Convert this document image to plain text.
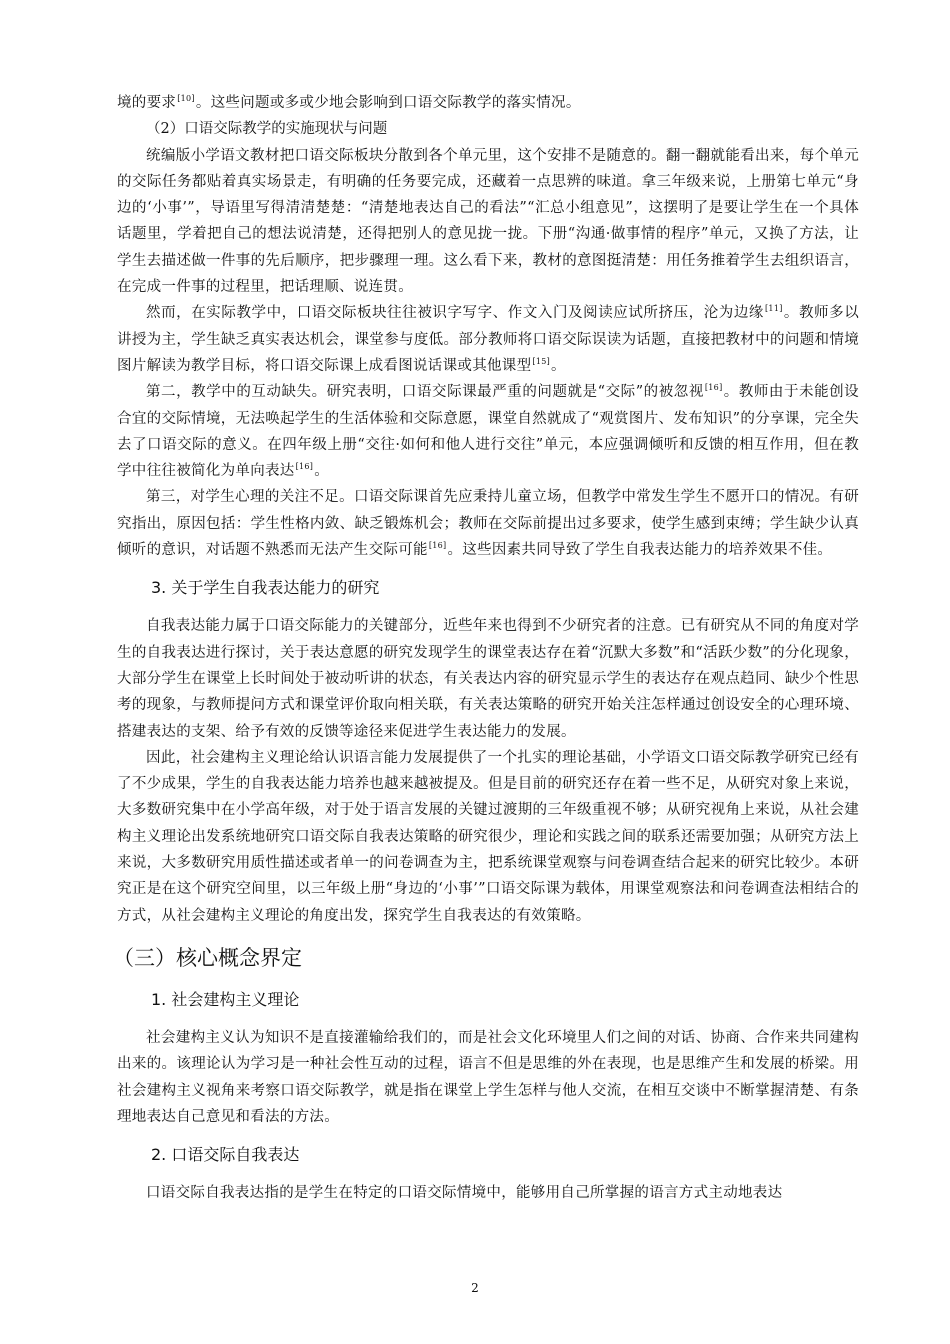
境的要求[10]。这些问题或多或少地会影响到口语交际教学的落实情况。

（2）口语交际教学的实施现状与问题

统编版小学语文教材把口语交际板块分散到各个单元里，这个安排不是随意的。翻一翻就能看出来，每个单元的交际任务都贴着真实场景走，有明确的任务要完成，还藏着一点思辨的味道。拿三年级来说，上册第七单元“身边的‘小事’”，导语里写得清清楚楚：“清楚地表达自己的看法”“汇总小组意见”，这摆明了是要让学生在一个具体话题里，学着把自己的想法说清楚，还得把别人的意见拢一拢。下册“沟通·做事情的程序”单元，又换了方法，让学生去描述做一件事的先后顺序，把步骤理一理。这么看下来，教材的意图挺清楚：用任务推着学生去组织语言，在完成一件事的过程里，把话理顺、说连贯。

然而，在实际教学中，口语交际板块往往被识字写字、作文入门及阅读应试所挤压，沦为边缘[11]。教师多以讲授为主，学生缺乏真实表达机会，课堂参与度低。部分教师将口语交际误读为话题，直接把教材中的问题和情境图片解读为教学目标，将口语交际课上成看图说话课或其他课型[15]。

第二，教学中的互动缺失。研究表明，口语交际课最严重的问题就是“交际”的被忽视[16]。教师由于未能创设合宜的交际情境，无法唤起学生的生活体验和交际意愿，课堂自然就成了“观赏图片、发布知识”的分享课，完全失去了口语交际的意义。在四年级上册“交往·如何和他人进行交往”单元，本应强调倾听和反馈的相互作用，但在教学中往往被简化为单向表达[16]。

第三，对学生心理的关注不足。口语交际课首先应秉持儿童立场，但教学中常发生学生不愿开口的情况。有研究指出，原因包括：学生性格内敛、缺乏锻炼机会；教师在交际前提出过多要求，使学生感到束缚；学生缺少认真倾听的意识，对话题不熟悉而无法产生交际可能[16]。这些因素共同导致了学生自我表达能力的培养效果不佳。

3. 关于学生自我表达能力的研究

自我表达能力属于口语交际能力的关键部分，近些年来也得到不少研究者的注意。已有研究从不同的角度对学生的自我表达进行探讨，关于表达意愿的研究发现学生的课堂表达存在着“沉默大多数”和“活跃少数”的分化现象，大部分学生在课堂上长时间处于被动听讲的状态，有关表达内容的研究显示学生的表达存在观点趋同、缺少个性思考的现象，与教师提问方式和课堂评价取向相关联，有关表达策略的研究开始关注怎样通过创设安全的心理环境、搭建表达的支架、给予有效的反馈等途径来促进学生表达能力的发展。

因此，社会建构主义理论给认识语言能力发展提供了一个扎实的理论基础，小学语文口语交际教学研究已经有了不少成果，学生的自我表达能力培养也越来越被提及。但是目前的研究还存在着一些不足，从研究对象上来说，大多数研究集中在小学高年级，对于处于语言发展的关键过渡期的三年级重视不够；从研究视角上来说，从社会建构主义理论出发系统地研究口语交际自我表达策略的研究很少，理论和实践之间的联系还需要加强；从研究方法上来说，大多数研究用质性描述或者单一的问卷调查为主，把系统课堂观察与问卷调查结合起来的研究比较少。本研究正是在这个研究空间里，以三年级上册“身边的‘小事’”口语交际课为载体，用课堂观察法和问卷调查法相结合的方式，从社会建构主义理论的角度出发，探究学生自我表达的有效策略。

（三）核心概念界定
1. 社会建构主义理论

社会建构主义认为知识不是直接灌输给我们的，而是社会文化环境里人们之间的对话、协商、合作来共同建构出来的。该理论认为学习是一种社会性互动的过程，语言不但是思维的外在表现，也是思维产生和发展的桥梁。用社会建构主义视角来考察口语交际教学，就是指在课堂上学生怎样与他人交流，在相互交谈中不断掌握清楚、有条理地表达自己意见和看法的方法。

2. 口语交际自我表达

口语交际自我表达指的是学生在特定的口语交际情境中，能够用自己所掌握的语言方式主动地表达

2
